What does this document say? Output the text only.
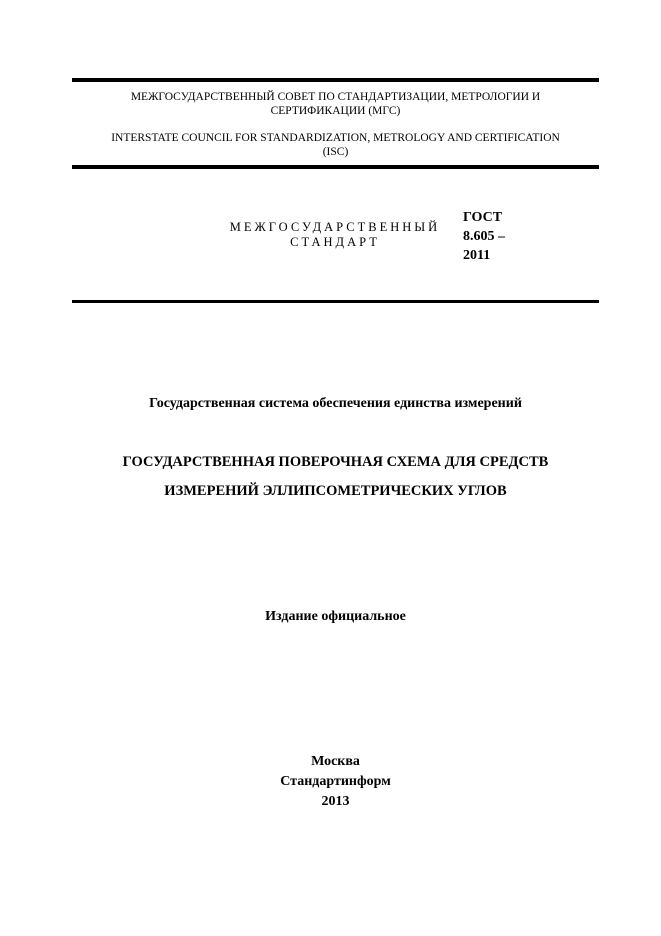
МЕЖГОСУДАРСТВЕННЫЙ СОВЕТ ПО СТАНДАРТИЗАЦИИ, МЕТРОЛОГИИ И
СЕРТИФИКАЦИИ (МГС)
INTERSTATE COUNCIL FOR STANDARDIZATION, METROLOGY AND CERTIFICATION
(ISC)
МЕЖГОСУДАРСТВЕННЫЙ
СТАНДАРТ
ГОСТ
8.605 –
2011
Государственная система обеспечения единства измерений
ГОСУДАРСТВЕННАЯ ПОВЕРОЧНАЯ СХЕМА ДЛЯ СРЕДСТВ
ИЗМЕРЕНИЙ ЭЛЛИПСОМЕТРИЧЕСКИХ УГЛОВ
Издание официальное
Москва
Стандартинформ
2013
